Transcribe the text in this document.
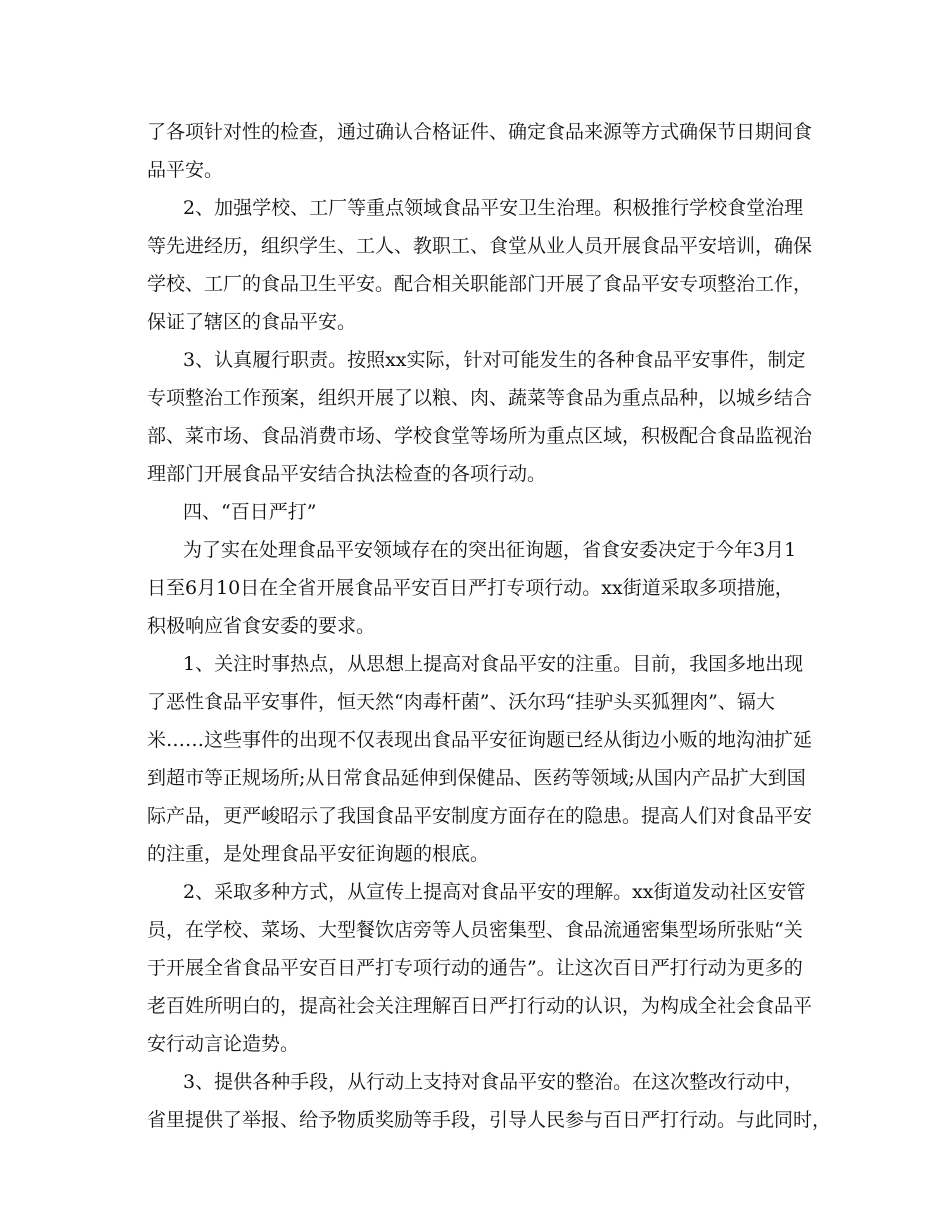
了各项针对性的检查，通过确认合格证件、确定食品来源等方式确保节日期间食
品平安。
2、加强学校、工厂等重点领域食品平安卫生治理。积极推行学校食堂治理
等先进经历，组织学生、工人、教职工、食堂从业人员开展食品平安培训，确保
学校、工厂的食品卫生平安。配合相关职能部门开展了食品平安专项整治工作，
保证了辖区的食品平安。
3、认真履行职责。按照xx实际，针对可能发生的各种食品平安事件，制定
专项整治工作预案，组织开展了以粮、肉、蔬菜等食品为重点品种，以城乡结合
部、菜市场、食品消费市场、学校食堂等场所为重点区域，积极配合食品监视治
理部门开展食品平安结合执法检查的各项行动。
四、“百日严打”
为了实在处理食品平安领域存在的突出征询题，省食安委决定于今年3月1
日至6月10日在全省开展食品平安百日严打专项行动。xx街道采取多项措施，
积极响应省食安委的要求。
1、关注时事热点，从思想上提高对食品平安的注重。目前，我国多地出现
了恶性食品平安事件，恒天然“肉毒杆菌”、沃尔玛“挂驴头买狐狸肉”、镉大
米……这些事件的出现不仅表现出食品平安征询题已经从街边小贩的地沟油扩延
到超市等正规场所;从日常食品延伸到保健品、医药等领域;从国内产品扩大到国
际产品，更严峻昭示了我国食品平安制度方面存在的隐患。提高人们对食品平安
的注重，是处理食品平安征询题的根底。
2、采取多种方式，从宣传上提高对食品平安的理解。xx街道发动社区安管
员，在学校、菜场、大型餐饮店旁等人员密集型、食品流通密集型场所张贴“关
于开展全省食品平安百日严打专项行动的通告”。让这次百日严打行动为更多的
老百姓所明白的，提高社会关注理解百日严打行动的认识，为构成全社会食品平
安行动言论造势。
3、提供各种手段，从行动上支持对食品平安的整治。在这次整改行动中，
省里提供了举报、给予物质奖励等手段，引导人民参与百日严打行动。与此同时，
